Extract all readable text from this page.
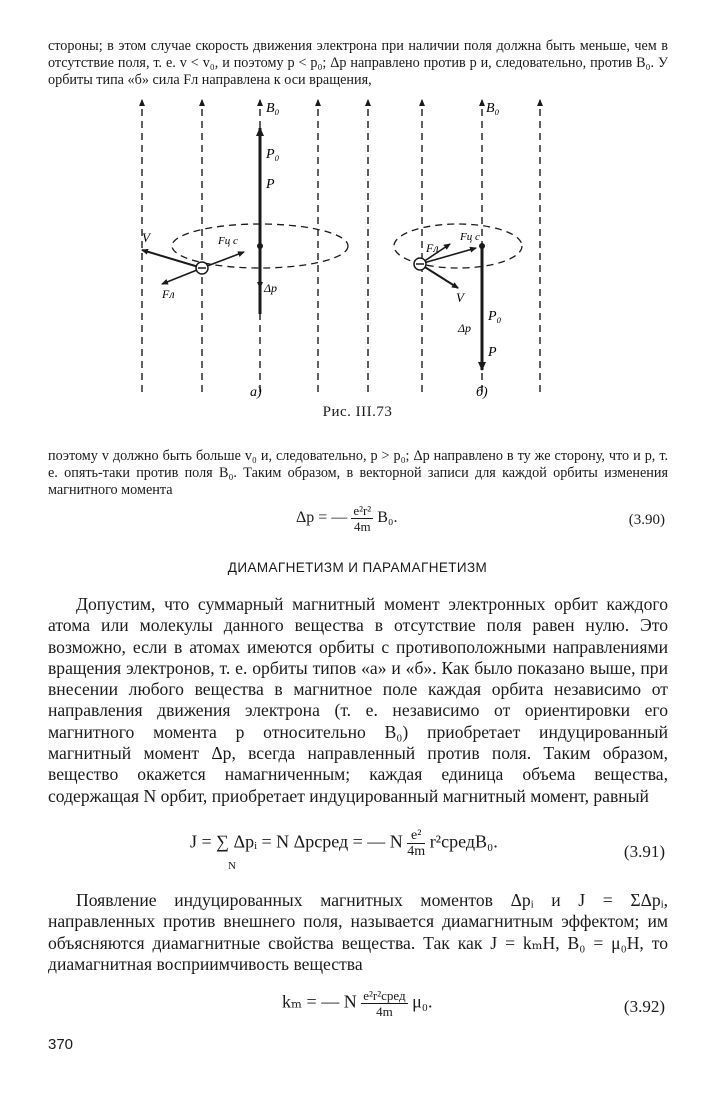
стороны; в этом случае скорость движения электрона при наличии поля должна быть меньше, чем в отсутствие поля, т. е. v < v₀, и поэтому p < p₀; Δp направлено против p и, следовательно, против B₀. У орбиты типа «б» сила Fл направлена к оси вращения,
B₀
P₀
P
V	Fц с
Fл	Δp
а)
B₀
Fл
Fц с
V
Δp
P₀
P
б)
Рис. III.73
поэтому v должно быть больше v₀ и, следовательно, p > p₀; Δp направлено в ту же сторону, что и p, т. е. опять-таки против поля B₀. Таким образом, в векторной записи для каждой орбиты изменения магнитного момента
Δp = — $\frac{\text{e²r²}}{4m} B_0$.	(3.90)
ДИАМАГНЕТИЗМ И ПАРАМАГНЕТИЗМ
Допустим, что суммарный магнитный момент электронных орбит каждого атома или молекулы данного вещества в отсутствие поля равен нулю. Это возможно, если в атомах имеются орбиты с противоположными направлениями вращения электронов, т. е. орбиты типов «а» и «б». Как было показано выше, при внесении любого вещества в магнитное поле каждая орбита независимо от направления движения электрона (т. е. независимо от ориентировки его магнитного момента p относительно B₀) приобретает индуцированный магнитный момент Δp, всегда направленный против поля. Таким образом, вещество окажется намагниченным; каждая единица объема вещества, содержащая N орбит, приобретает индуцированный магнитный момент, равный
J = ∑ Δpᵢ = N Δpсред = — N $\frac{\text{e²}}{4m}$ r²средB₀.
N
(3.91)
Появление индуцированных магнитных моментов Δpᵢ и J = ΣΔpᵢ, направленных против внешнего поля, называется диамагнитным эффектом; им объясняются диамагнитные свойства вещества. Так как J = kₘH, B₀ = μ₀H, то диамагнитная восприимчивость вещества
kₘ = — N $\frac{\text{e²r²сред}}{4m} \mu_0$.	(3.92)
370
